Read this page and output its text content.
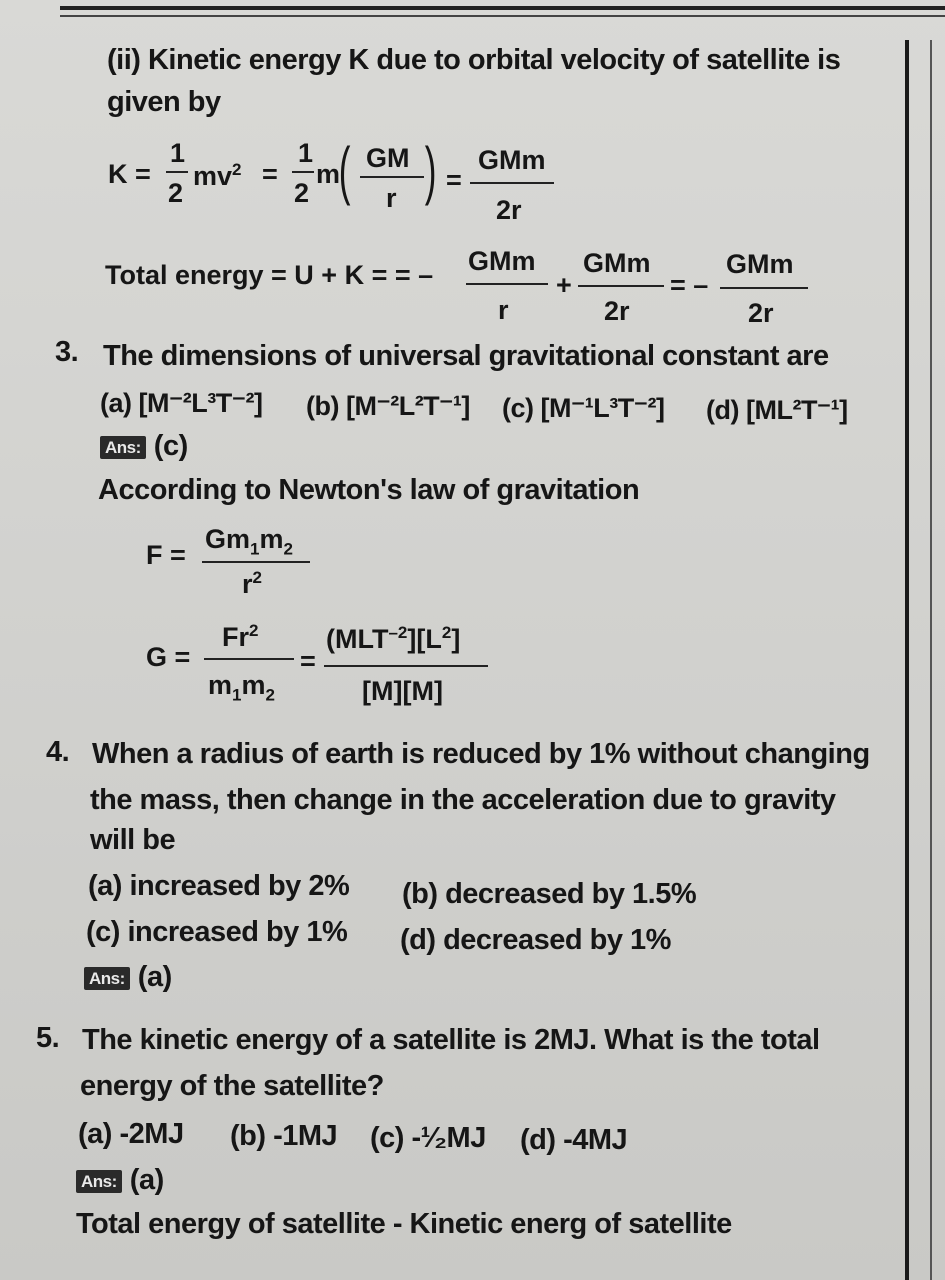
(ii) Kinetic energy K due to orbital velocity of satellite is
given by
K =
1
2
$mv^2$ =
1
2
m
( GM
r ) =
GMm
2r
Total energy = U + K = = – GMm
r
+
GMm
2r
= –
GMm
2r
3. The dimensions of universal gravitational constant are
(a) [M⁻²L³T⁻²] (b) [M⁻²L²T⁻¹] (c) [M⁻¹L³T⁻²] (d) [ML²T⁻¹]
Ans: (c)
According to Newton's law of gravitation
F =
$Gm_1m_2$
$r^2$
G =
$Fr^2$
$m_1m_2$
=
$(MLT^{-2}][L^2]$
[M][M]
4. When a radius of earth is reduced by 1% without changing
the mass, then change in the acceleration due to gravity
will be
(a) increased by 2% (b) decreased by 1.5%
(c) increased by 1% (d) decreased by 1%
Ans: (a)
5. The kinetic energy of a satellite is 2MJ. What is the total
energy of the satellite?
(a) -2MJ (b) -1MJ (c) -¹⁄₂MJ (d) -4MJ
Ans: (a)
Total energy of satellite - Kinetic energ of satellite
